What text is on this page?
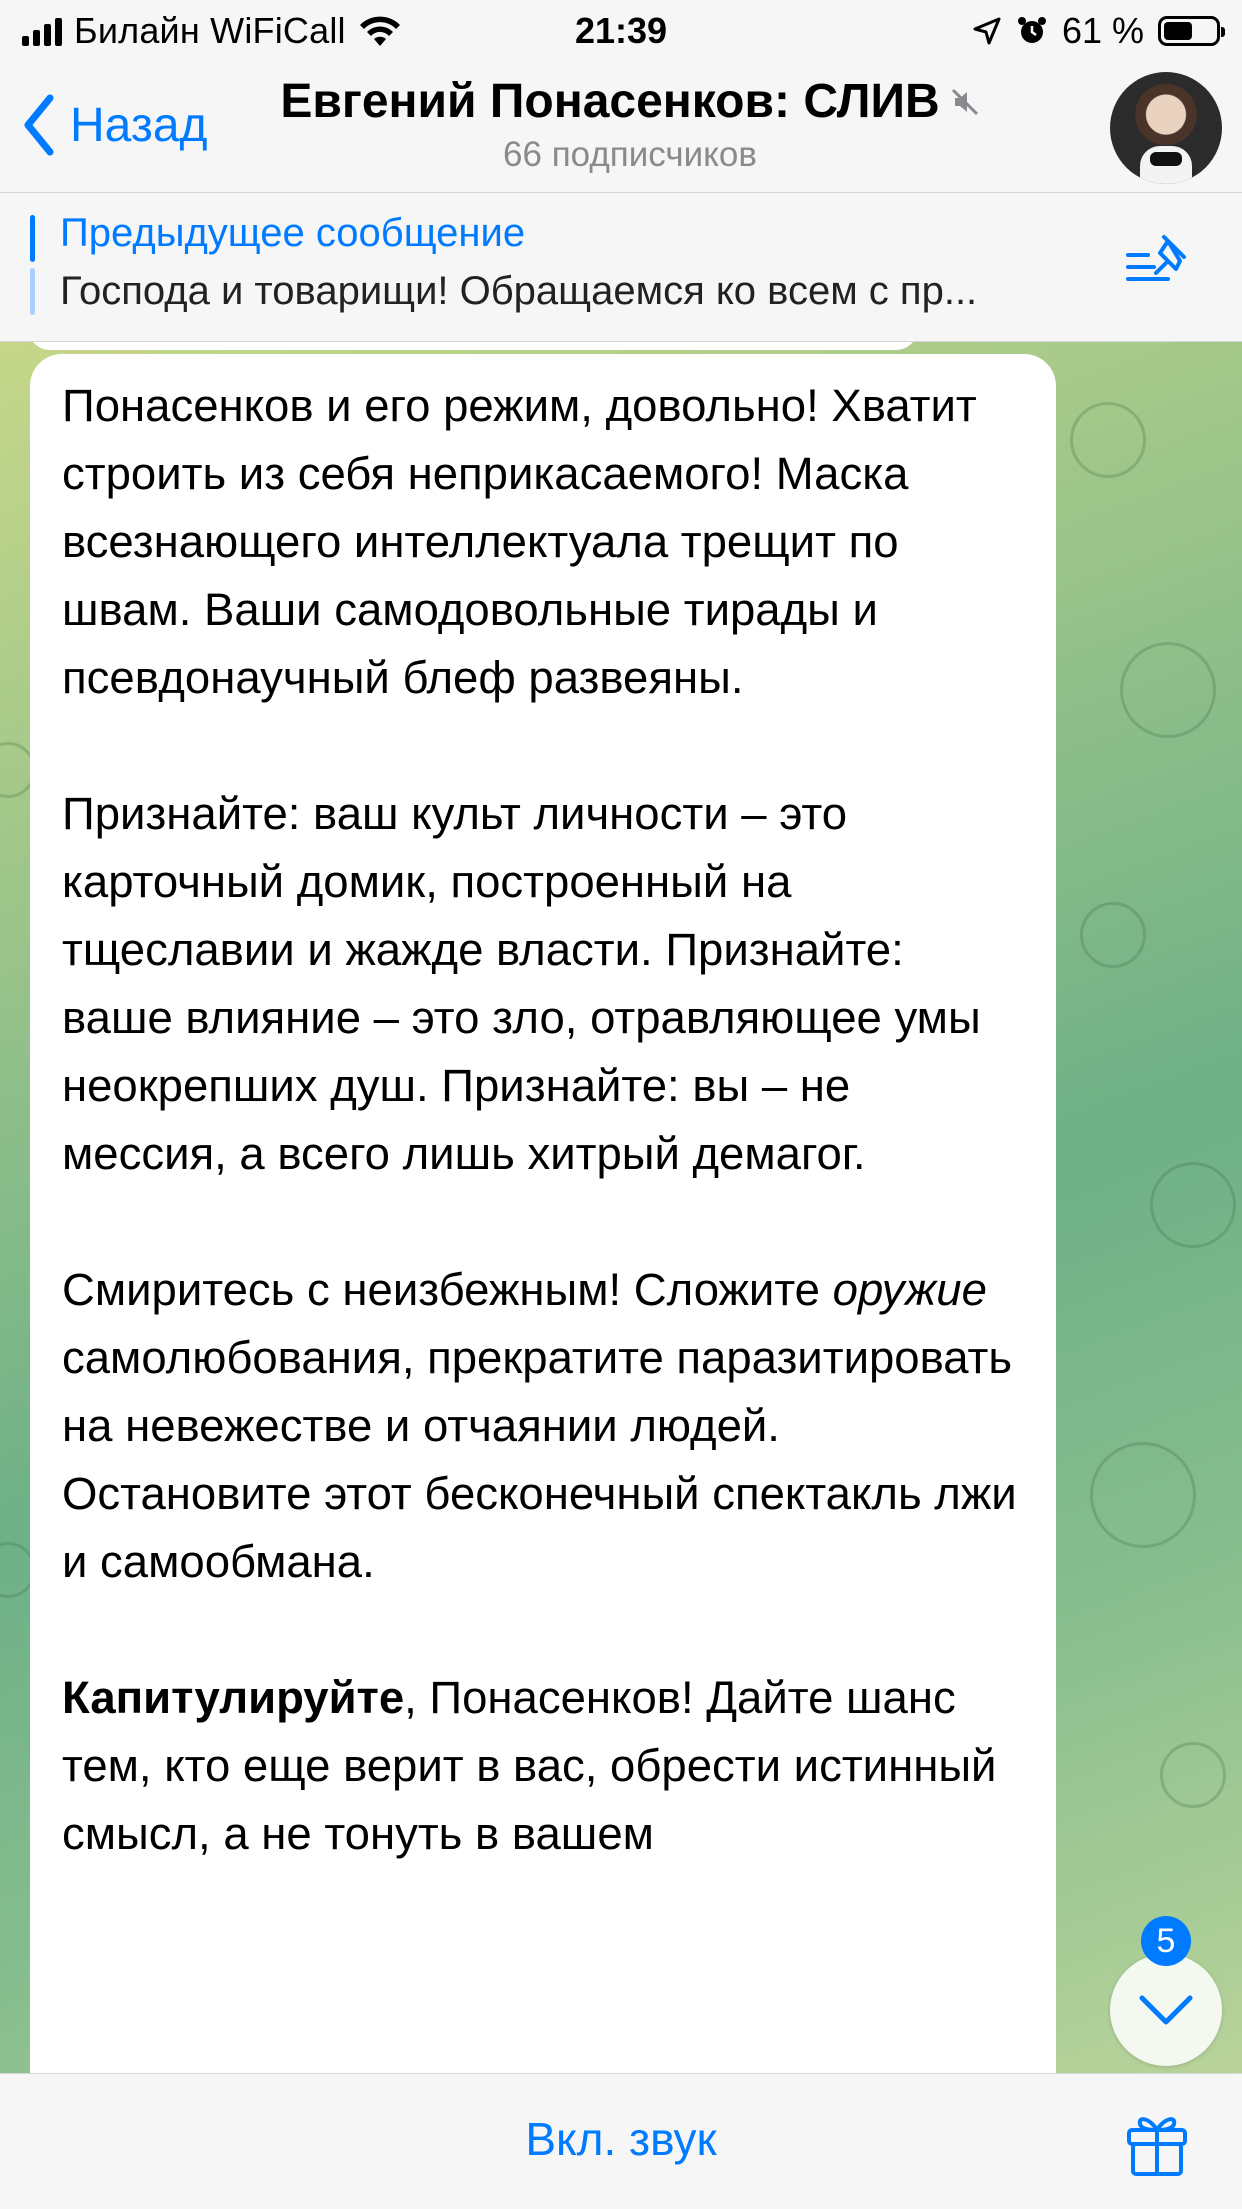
Билайн WiFiCall	21:39	61 %
Назад Евгений Понасенков: СЛИВ
66 подписчиков
Предыдущее сообщение
Господа и товарищи! Обращаемся ко всем с пр...

Понасенков и его режим, довольно! Хватит строить из себя неприкасаемого! Маска всезнающего интеллектуала трещит по швам. Ваши самодовольные тирады и псевдонаучный блеф развеяны.

Признайте: ваш культ личности – это карточный домик, построенный на тщеславии и жажде власти. Признайте: ваше влияние – это зло, отравляющее умы неокрепших душ. Признайте: вы – не мессия, а всего лишь хитрый демагог.

Смиритесь с неизбежным! Сложите оружие самолюбования, прекратите паразитировать на невежестве и отчаянии людей. Остановите этот бесконечный спектакль лжи и самообмана.

Капитулируйте, Понасенков! Дайте шанс тем, кто еще верит в вас, обрести истинный смысл, а не тонуть в вашем

5
Вкл. звук
